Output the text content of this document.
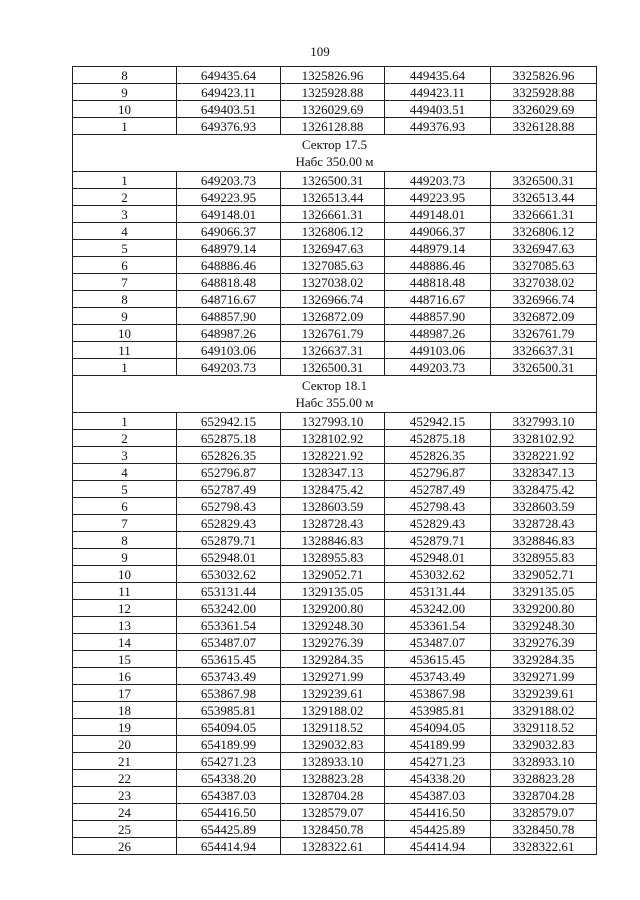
109
8	649435.64	1325826.96	449435.64	3325826.96
9	649423.11	1325928.88	449423.11	3325928.88
10	649403.51	1326029.69	449403.51	3326029.69
1	649376.93	1326128.88	449376.93	3326128.88

Сектор 17.5
Набс 350.00 м				

1	649203.73	1326500.31	449203.73	3326500.31
2	649223.95	1326513.44	449223.95	3326513.44
3	649148.01	1326661.31	449148.01	3326661.31
4	649066.37	1326806.12	449066.37	3326806.12
5	648979.14	1326947.63	448979.14	3326947.63
6	648886.46	1327085.63	448886.46	3327085.63
7	648818.48	1327038.02	448818.48	3327038.02
8	648716.67	1326966.74	448716.67	3326966.74
9	648857.90	1326872.09	448857.90	3326872.09
10	648987.26	1326761.79	448987.26	3326761.79
11	649103.06	1326637.31	449103.06	3326637.31
1	649203.73	1326500.31	449203.73	3326500.31

Сектор 18.1
Набс 355.00 м				

1	652942.15	1327993.10	452942.15	3327993.10
2	652875.18	1328102.92	452875.18	3328102.92
3	652826.35	1328221.92	452826.35	3328221.92
4	652796.87	1328347.13	452796.87	3328347.13
5	652787.49	1328475.42	452787.49	3328475.42
6	652798.43	1328603.59	452798.43	3328603.59
7	652829.43	1328728.43	452829.43	3328728.43
8	652879.71	1328846.83	452879.71	3328846.83
9	652948.01	1328955.83	452948.01	3328955.83
10	653032.62	1329052.71	453032.62	3329052.71
11	653131.44	1329135.05	453131.44	3329135.05
12	653242.00	1329200.80	453242.00	3329200.80
13	653361.54	1329248.30	453361.54	3329248.30
14	653487.07	1329276.39	453487.07	3329276.39
15	653615.45	1329284.35	453615.45	3329284.35
16	653743.49	1329271.99	453743.49	3329271.99
17	653867.98	1329239.61	453867.98	3329239.61
18	653985.81	1329188.02	453985.81	3329188.02
19	654094.05	1329118.52	454094.05	3329118.52
20	654189.99	1329032.83	454189.99	3329032.83
21	654271.23	1328933.10	454271.23	3328933.10
22	654338.20	1328823.28	454338.20	3328823.28
23	654387.03	1328704.28	454387.03	3328704.28
24	654416.50	1328579.07	454416.50	3328579.07
25	654425.89	1328450.78	454425.89	3328450.78
26	654414.94	1328322.61	454414.94	3328322.61
